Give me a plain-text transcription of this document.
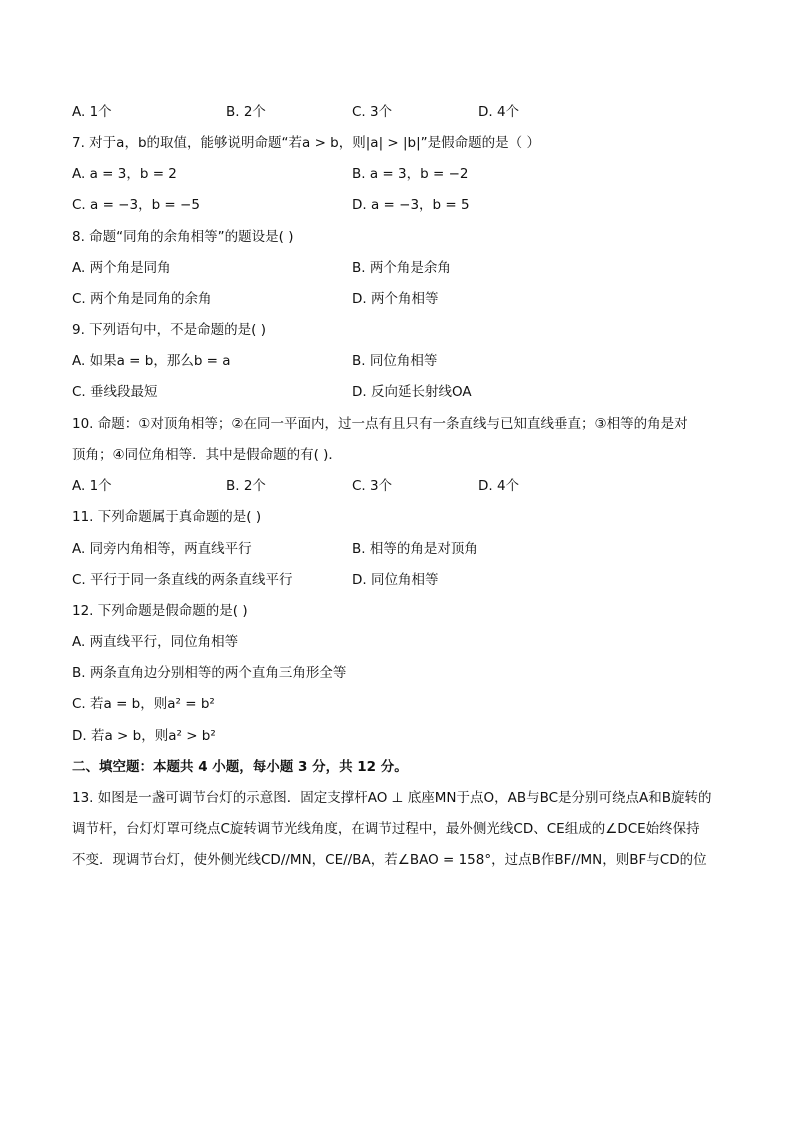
A. 1个	B. 2个	C. 3个	D. 4个
7. 对于a，b的取值，能够说明命题“若a > b，则|a| > |b|”是假命题的是（ ）
A. a = 3，b = 2	B. a = 3，b = −2
C. a = −3，b = −5	D. a = −3，b = 5
8. 命题“同角的余角相等”的题设是( )
A. 两个角是同角	B. 两个角是余角
C. 两个角是同角的余角	D. 两个角相等
9. 下列语句中，不是命题的是( )
A. 如果a = b，那么b = a	B. 同位角相等
C. 垂线段最短	D. 反向延长射线OA
10. 命题：①对顶角相等；②在同一平面内，过一点有且只有一条直线与已知直线垂直；③相等的角是对
顶角；④同位角相等．其中是假命题的有( )．
A. 1个	B. 2个	C. 3个	D. 4个
11. 下列命题属于真命题的是( )
A. 同旁内角相等，两直线平行	B. 相等的角是对顶角
C. 平行于同一条直线的两条直线平行	D. 同位角相等
12. 下列命题是假命题的是( )
A. 两直线平行，同位角相等
B. 两条直角边分别相等的两个直角三角形全等
C. 若a = b，则a² = b²
D. 若a > b，则a² > b²
二、填空题：本题共 4 小题，每小题 3 分，共 12 分。
13. 如图是一盏可调节台灯的示意图．固定支撑杆AO ⊥ 底座MN于点O，AB与BC是分别可绕点A和B旋转的
调节杆，台灯灯罩可绕点C旋转调节光线角度，在调节过程中，最外侧光线CD、CE组成的∠DCE始终保持
不变．现调节台灯，使外侧光线CD//MN，CE//BA，若∠BAO = 158°，过点B作BF//MN，则BF与CD的位
